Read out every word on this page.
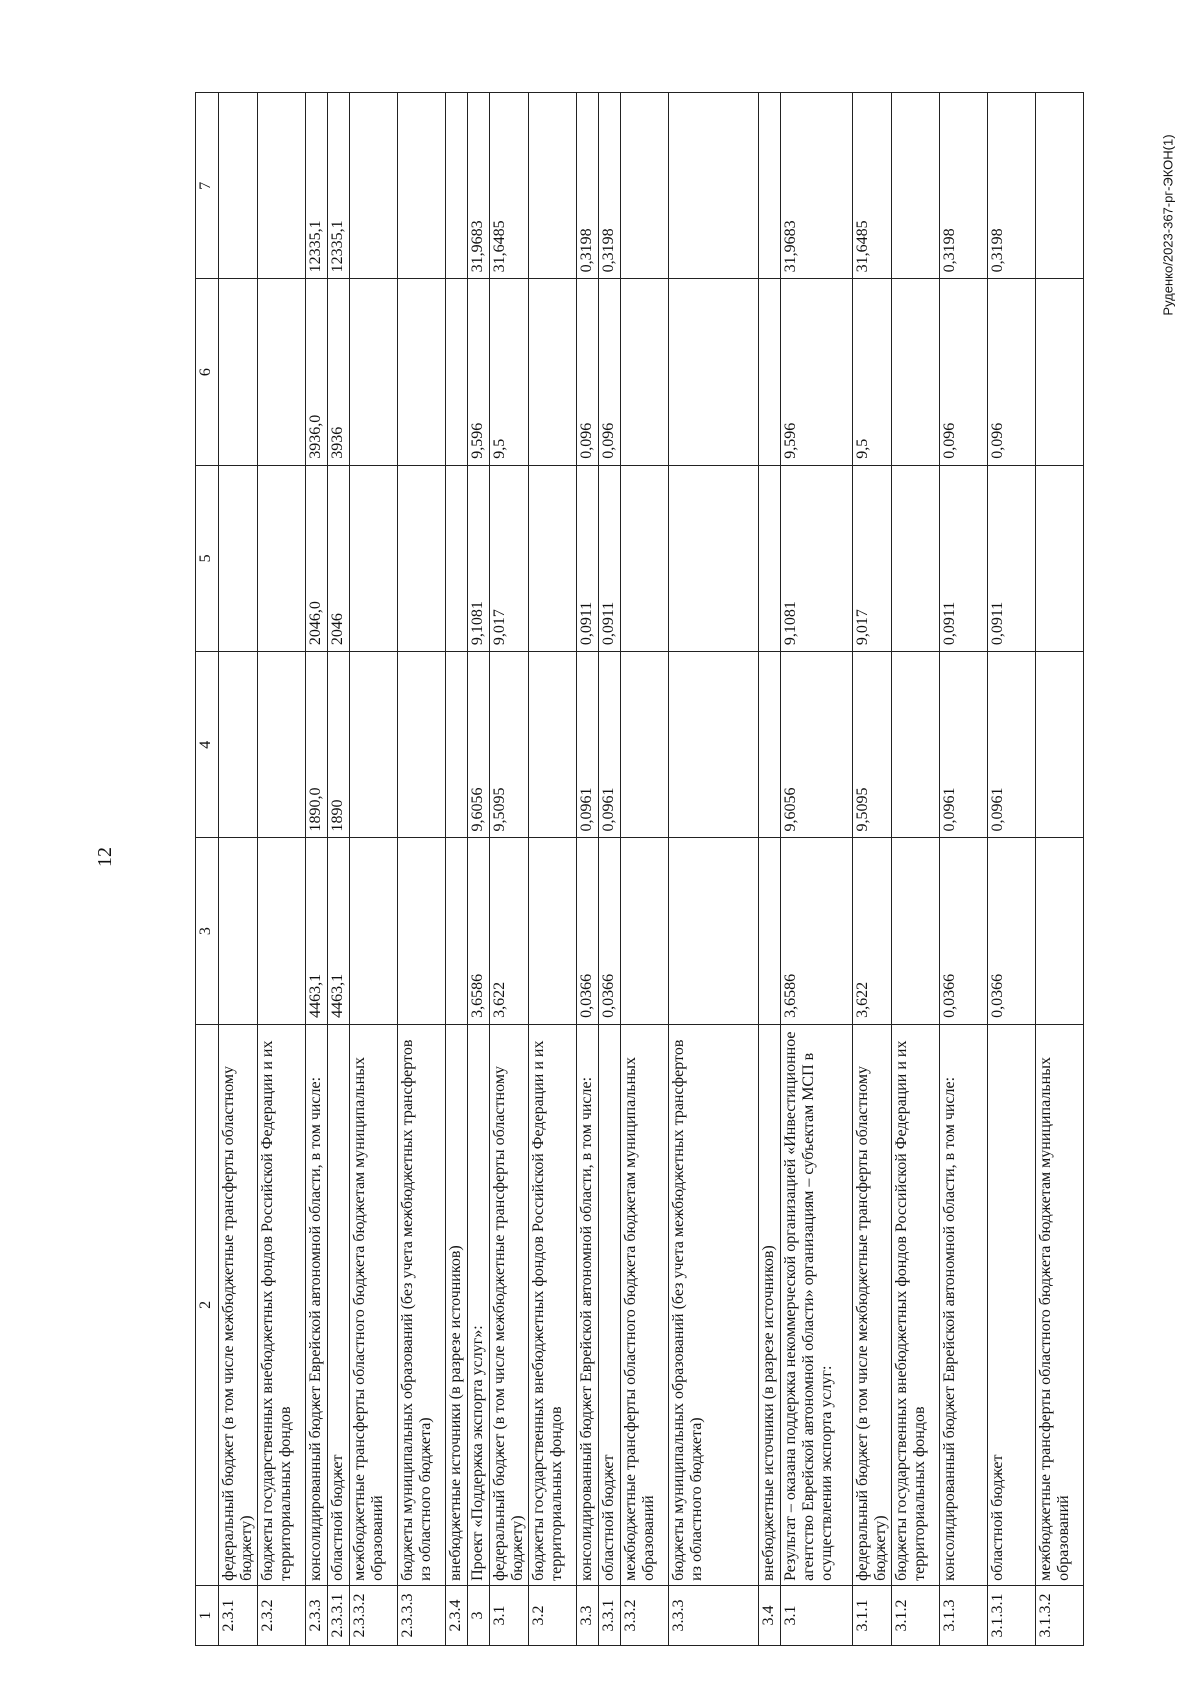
12
Руденко/2023-367-рг-ЭКОН(1)
1	2	3	4	5	6	7
2.3.1	федеральный бюджет (в том числе межбюджетные трансферты областному бюджету)					
2.3.2	бюджеты государственных внебюджетных фондов Российской Федерации и их территориальных фондов					
2.3.3	консолидированный бюджет Еврейской автономной области, в том числе:	4463,1	1890,0	2046,0	3936,0	12335,1
2.3.3.1	областной бюджет	4463,1	1890	2046	3936	12335,1
2.3.3.2	межбюджетные трансферты областного бюджета бюджетам муниципальных образований					
2.3.3.3	бюджеты муниципальных образований (без учета межбюджетных трансфертов из областного бюджета)					
2.3.4	внебюджетные источники (в разрезе источников)					
3	Проект «Поддержка экспорта услуг»:	3,6586	9,6056	9,1081	9,596	31,9683
3.1	федеральный бюджет (в том числе межбюджетные трансферты областному бюджету)	3,622	9,5095	9,017	9,5	31,6485
3.2	бюджеты государственных внебюджетных фондов Российской Федерации и их территориальных фондов					
3.3	консолидированный бюджет Еврейской автономной области, в том числе:	0,0366	0,0961	0,0911	0,096	0,3198
3.3.1	областной бюджет	0,0366	0,0961	0,0911	0,096	0,3198
3.3.2	межбюджетные трансферты областного бюджета бюджетам муниципальных образований					
3.3.3	бюджеты муниципальных образований (без учета межбюджетных трансфертов из областного бюджета)					
3.4	внебюджетные источники (в разрезе источников)					
3.1	Результат – оказана поддержка некоммерческой организацией «Инвестиционное агентство Еврейской автономной области» организациям – субъектам МСП в осуществлении экспорта услуг:	3,6586	9,6056	9,1081	9,596	31,9683
3.1.1	федеральный бюджет (в том числе межбюджетные трансферты областному бюджету)	3,622	9,5095	9,017	9,5	31,6485
3.1.2	бюджеты государственных внебюджетных фондов Российской Федерации и их территориальных фондов					
3.1.3	консолидированный бюджет Еврейской автономной области, в том числе:	0,0366	0,0961	0,0911	0,096	0,3198
3.1.3.1	областной бюджет	0,0366	0,0961	0,0911	0,096	0,3198
3.1.3.2	межбюджетные трансферты областного бюджета бюджетам муниципальных образований					
